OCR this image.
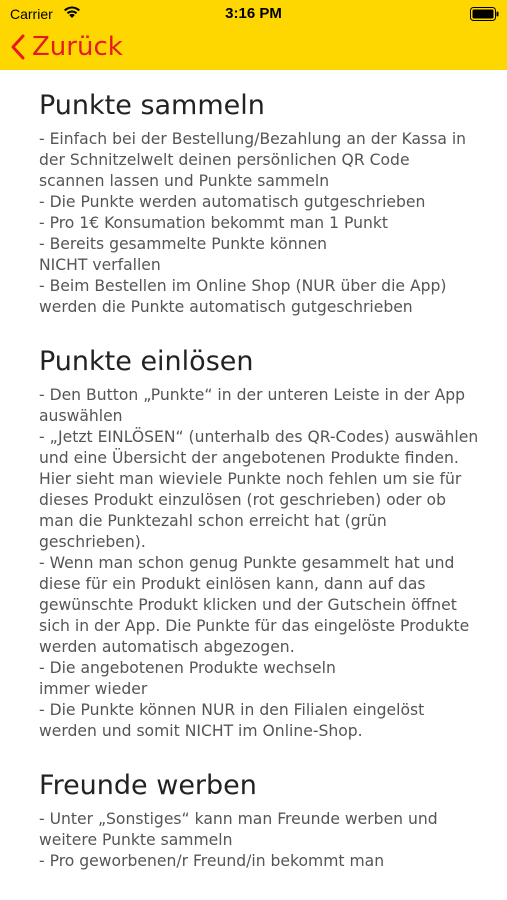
Carrier	3:16 PM
Zurück
Punkte sammeln

- Einfach bei der Bestellung/Bezahlung an der Kassa in der Schnitzelwelt deinen persönlichen QR Code scannen lassen und Punkte sammeln
- Die Punkte werden automatisch gutgeschrieben
- Pro 1€ Konsumation bekommt man 1 Punkt
- Bereits gesammelte Punkte können
NICHT verfallen
- Beim Bestellen im Online Shop (NUR über die App) werden die Punkte automatisch gutgeschrieben

Punkte einlösen

- Den Button „Punkte“ in der unteren Leiste in der App auswählen
- „Jetzt EINLÖSEN“ (unterhalb des QR-Codes) auswählen und eine Übersicht der angebotenen Produkte finden. Hier sieht man wieviele Punkte noch fehlen um sie für dieses Produkt einzulösen (rot geschrieben) oder ob man die Punktezahl schon erreicht hat (grün geschrieben).
- Wenn man schon genug Punkte gesammelt hat und diese für ein Produkt einlösen kann, dann auf das gewünschte Produkt klicken und der Gutschein öffnet sich in der App. Die Punkte für das eingelöste Produkte werden automatisch abgezogen.
- Die angebotenen Produkte wechseln
immer wieder
- Die Punkte können NUR in den Filialen eingelöst werden und somit NICHT im Online-Shop.

Freunde werben

- Unter „Sonstiges“ kann man Freunde werben und weitere Punkte sammeln
- Pro geworbenen/r Freund/in bekommt man
